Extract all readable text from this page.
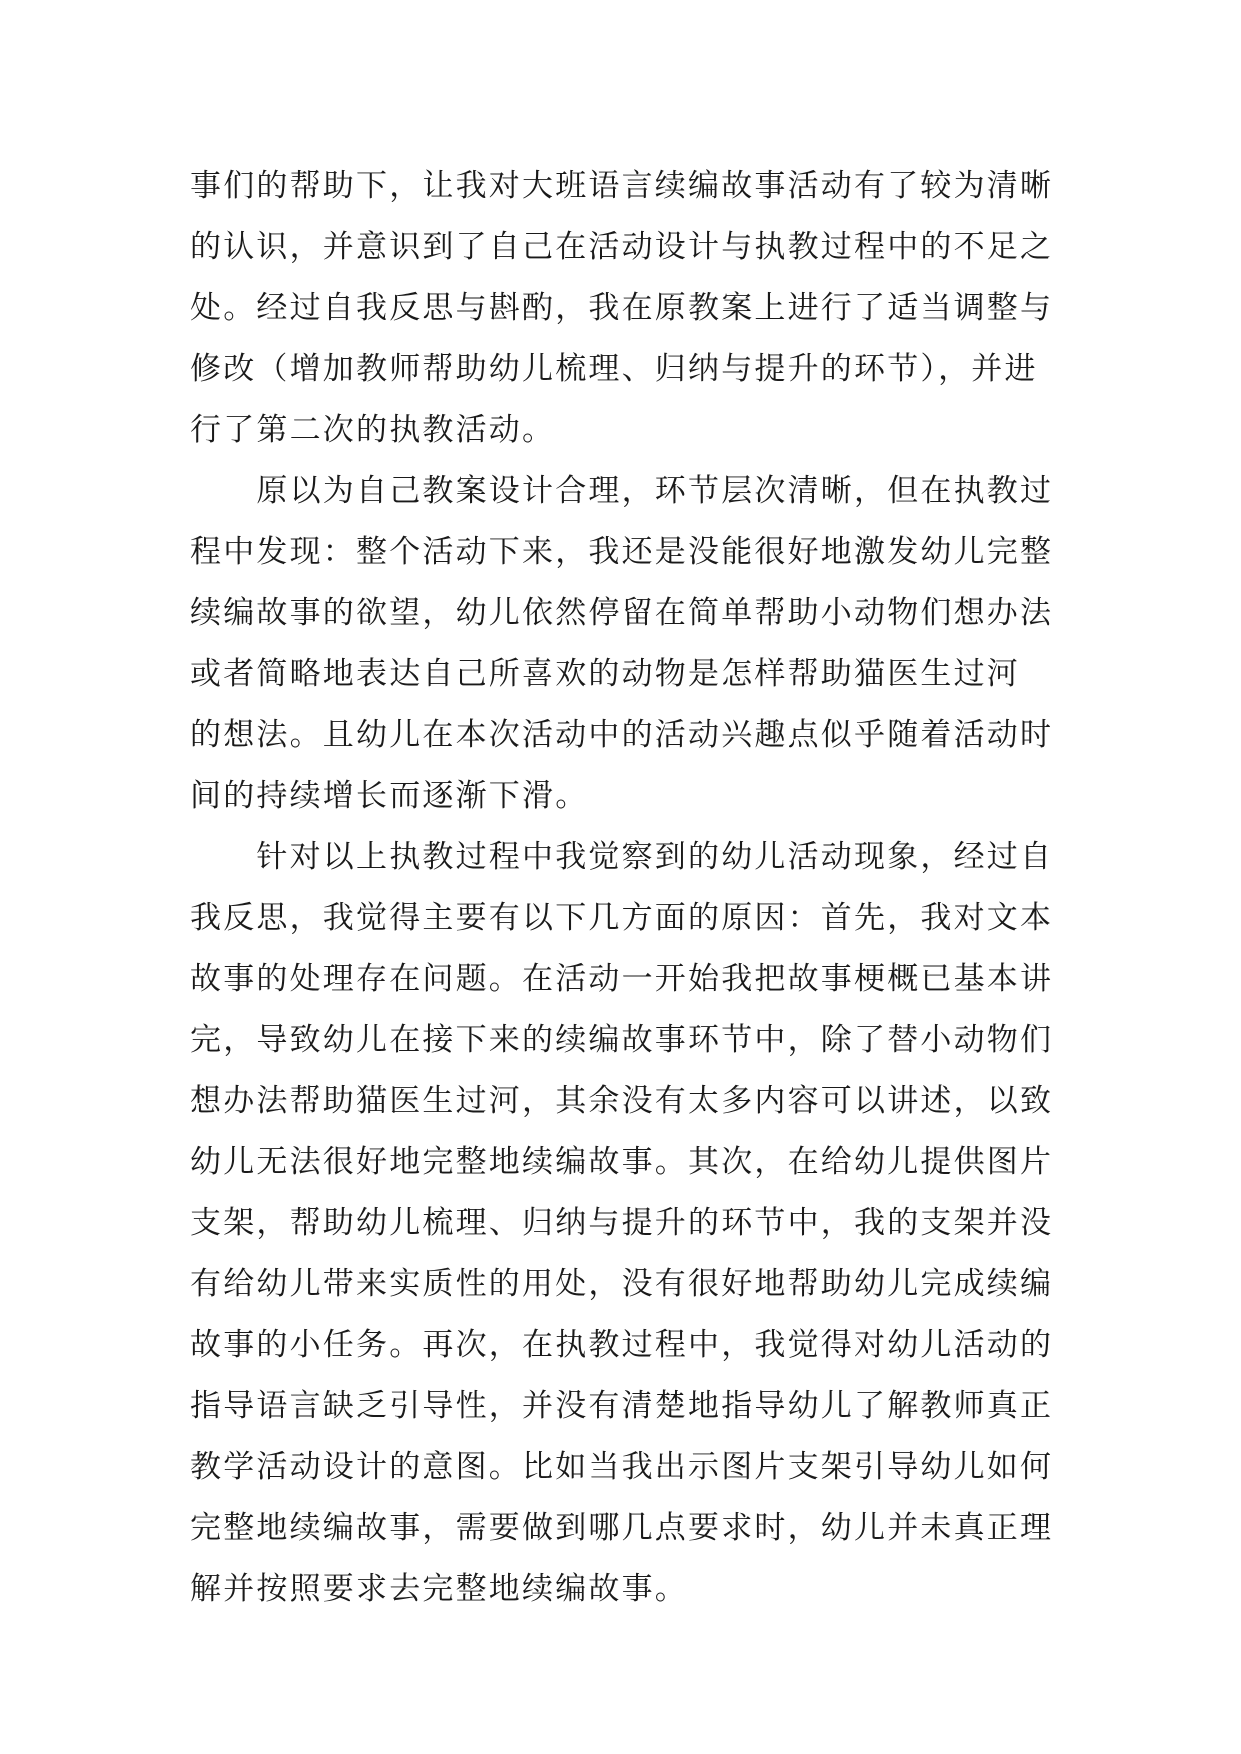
事们的帮助下，让我对大班语言续编故事活动有了较为清晰
的认识，并意识到了自己在活动设计与执教过程中的不足之
处。经过自我反思与斟酌，我在原教案上进行了适当调整与
修改（增加教师帮助幼儿梳理、归纳与提升的环节），并进
行了第二次的执教活动。
　　原以为自己教案设计合理，环节层次清晰，但在执教过
程中发现：整个活动下来，我还是没能很好地激发幼儿完整
续编故事的欲望，幼儿依然停留在简单帮助小动物们想办法
或者简略地表达自己所喜欢的动物是怎样帮助猫医生过河
的想法。且幼儿在本次活动中的活动兴趣点似乎随着活动时
间的持续增长而逐渐下滑。
　　针对以上执教过程中我觉察到的幼儿活动现象，经过自
我反思，我觉得主要有以下几方面的原因：首先，我对文本
故事的处理存在问题。在活动一开始我把故事梗概已基本讲
完，导致幼儿在接下来的续编故事环节中，除了替小动物们
想办法帮助猫医生过河，其余没有太多内容可以讲述，以致
幼儿无法很好地完整地续编故事。其次，在给幼儿提供图片
支架，帮助幼儿梳理、归纳与提升的环节中，我的支架并没
有给幼儿带来实质性的用处，没有很好地帮助幼儿完成续编
故事的小任务。再次，在执教过程中，我觉得对幼儿活动的
指导语言缺乏引导性，并没有清楚地指导幼儿了解教师真正
教学活动设计的意图。比如当我出示图片支架引导幼儿如何
完整地续编故事，需要做到哪几点要求时，幼儿并未真正理
解并按照要求去完整地续编故事。
